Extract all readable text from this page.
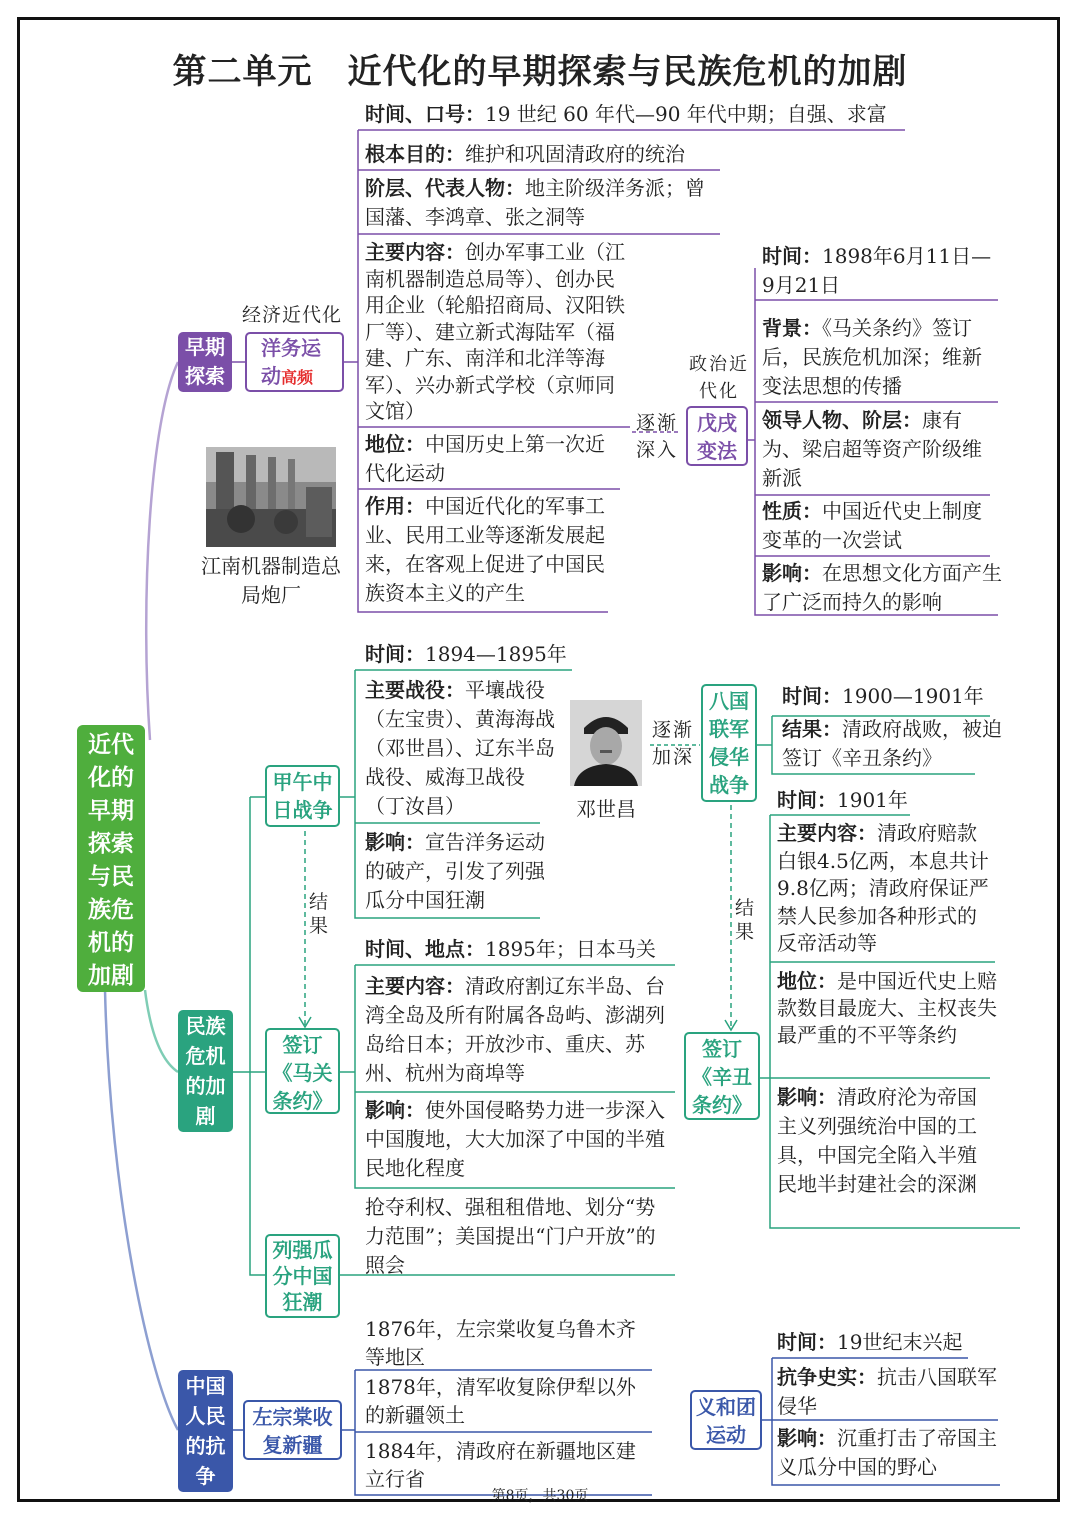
第二单元　近代化的早期探索与民族危机的加剧
近代化的早期探索与民族危机的加剧
早期探索
经济近代化
洋务运动高频
时间、口号：19 世纪 60 年代—90 年代中期；自强、求富
根本目的：维护和巩固清政府的统治
阶层、代表人物：地主阶级洋务派；曾国藩、李鸿章、张之洞等
主要内容：创办军事工业（江南机器制造总局等）、创办民用企业（轮船招商局、汉阳铁厂等）、建立新式海陆军（福建、广东、南洋和北洋等海军）、兴办新式学校（京师同文馆）
地位：中国历史上第一次近代化运动
作用：中国近代化的军事工业、民用工业等逐渐发展起来，在客观上促进了中国民族资本主义的产生
江南机器制造总局炮厂
逐渐深入
政治近代化
戊戌变法
时间：1898年6月11日—9月21日
背景：《马关条约》签订后，民族危机加深；维新变法思想的传播
领导人物、阶层：康有为、梁启超等资产阶级维新派
性质：中国近代史上制度变革的一次尝试
影响：在思想文化方面产生了广泛而持久的影响
民族危机的加剧
甲午中日战争
时间：1894—1895年
主要战役：平壤战役（左宝贵）、黄海海战（邓世昌）、辽东半岛战役、威海卫战役（丁汝昌）
影响：宣告洋务运动的破产，引发了列强瓜分中国狂潮
邓世昌
结果
签订《马关条约》
时间、地点：1895年；日本马关
主要内容：清政府割辽东半岛、台湾全岛及所有附属各岛屿、澎湖列岛给日本；开放沙市、重庆、苏州、杭州为商埠等
影响：使外国侵略势力进一步深入中国腹地，大大加深了中国的半殖民地化程度
列强瓜分中国狂潮
抢夺利权、强租租借地、划分“势力范围”；美国提出“门户开放”的照会
逐渐加深
八国联军侵华战争
时间：1900—1901年
结果：清政府战败，被迫签订《辛丑条约》
结果
签订《辛丑条约》
时间：1901年
主要内容：清政府赔款白银4.5亿两，本息共计9.8亿两；清政府保证严禁人民参加各种形式的反帝活动等
地位：是中国近代史上赔款数目最庞大、主权丧失最严重的不平等条约
影响：清政府沦为帝国主义列强统治中国的工具，中国完全陷入半殖民地半封建社会的深渊
中国人民的抗争
左宗棠收复新疆
1876年，左宗棠收复乌鲁木齐等地区
1878年，清军收复除伊犁以外的新疆领土
1884年，清政府在新疆地区建立行省
义和团运动
时间：19世纪末兴起
抗争史实：抗击八国联军侵华
影响：沉重打击了帝国主义瓜分中国的野心
第8页，共30页
